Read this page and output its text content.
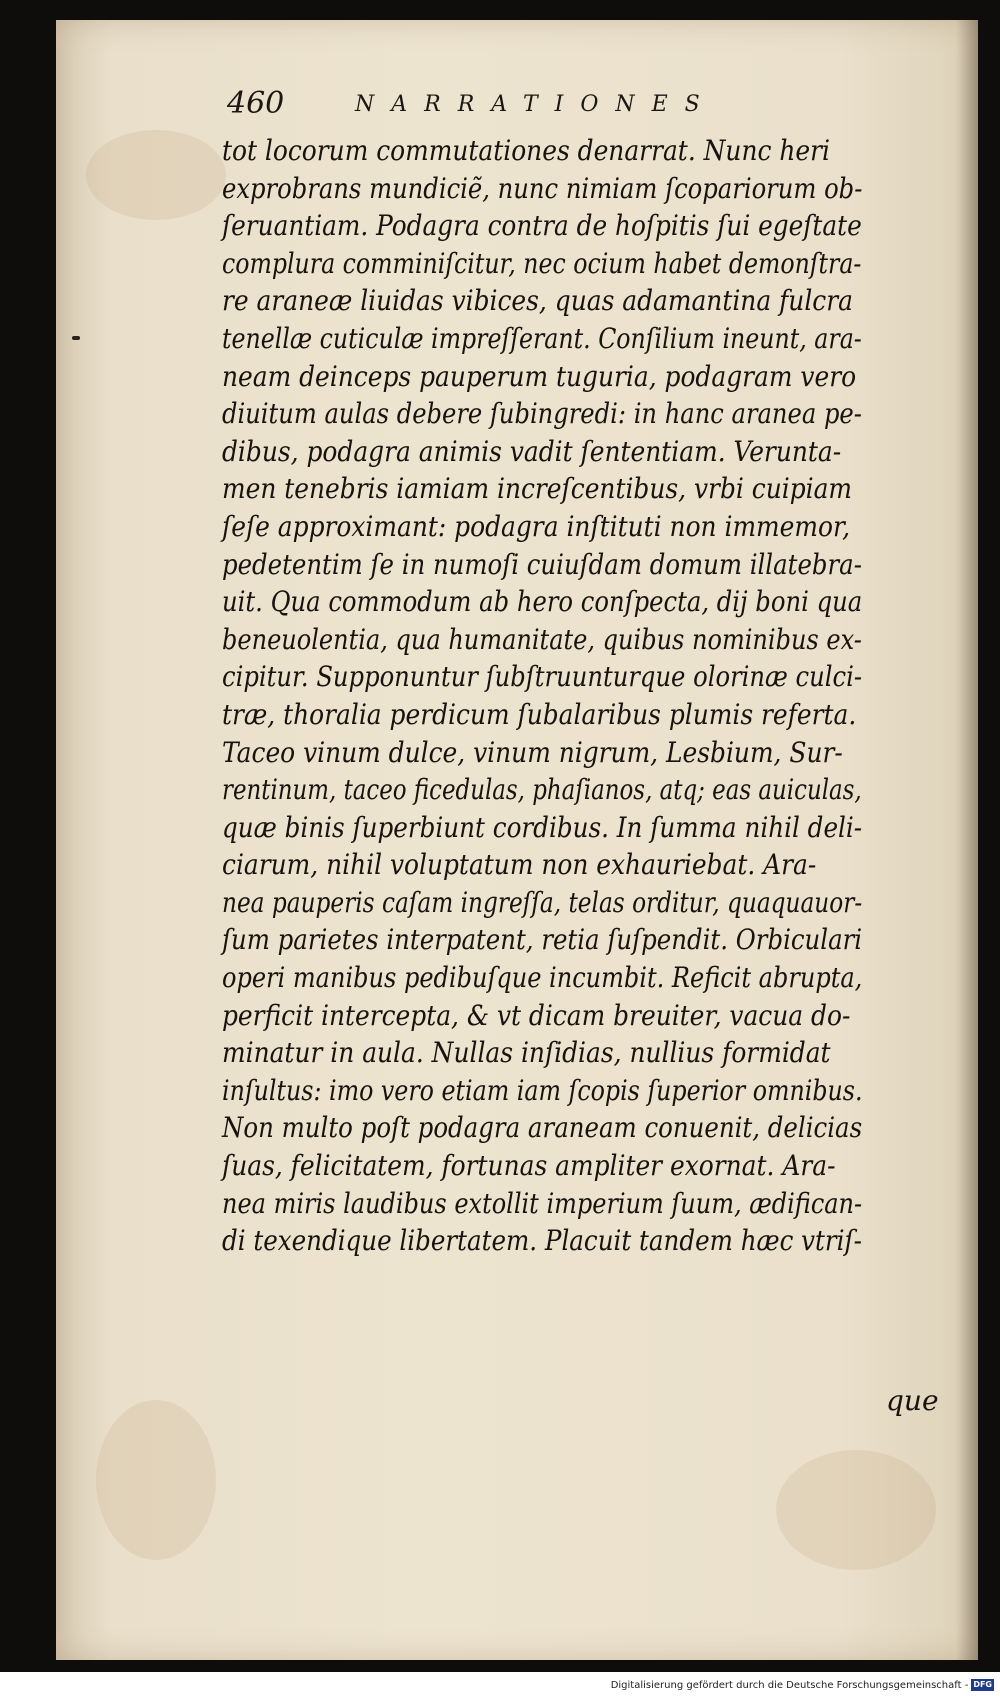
460	NARRATIONES
tot locorum commutationes denarrat. Nunc heri
exprobrans mundiciẽ, nunc nimiam ſcopariorum ob-
ſeruantiam. Podagra contra de hoſpitis ſui egeſtate
complura comminiſcitur, nec ocium habet demonſtra-
re araneæ liuidas vibices, quas adamantina fulcra
tenellæ cuticulæ impreſſerant. Conſilium ineunt, ara-
neam deinceps pauperum tuguria, podagram vero
diuitum aulas debere ſubingredi: in hanc aranea pe-
dibus, podagra animis vadit ſententiam. Verunta-
men tenebris iamiam increſcentibus, vrbi cuipiam
ſeſe approximant: podagra inſtituti non immemor,
pedetentim ſe in numoſi cuiuſdam domum illatebra-
uit. Qua commodum ab hero conſpecta, dij boni qua
beneuolentia, qua humanitate, quibus nominibus ex-
cipitur. Supponuntur ſubſtruunturque olorinæ culci-
træ, thoralia perdicum ſubalaribus plumis referta.
Taceo vinum dulce, vinum nigrum, Lesbium, Sur-
rentinum, taceo ficedulas, phaſianos, atq; eas auiculas,
quæ binis ſuperbiunt cordibus. In ſumma nihil deli-
ciarum, nihil voluptatum non exhauriebat. Ara-
nea pauperis caſam ingreſſa, telas orditur, quaquauor-
ſum parietes interpatent, retia ſuſpendit. Orbiculari
operi manibus pedibuſque incumbit. Reficit abrupta,
perficit intercepta, & vt dicam breuiter, vacua do-
minatur in aula. Nullas inſidias, nullius formidat
inſultus: imo vero etiam iam ſcopis ſuperior omnibus.
Non multo poſt podagra araneam conuenit, delicias
ſuas, felicitatem, fortunas ampliter exornat. Ara-
nea miris laudibus extollit imperium ſuum, ædifican-
di texendique libertatem. Placuit tandem hæc vtriſ-
que
Digitalisierung gefördert durch die Deutsche Forschungsgemeinschaft - DFG
